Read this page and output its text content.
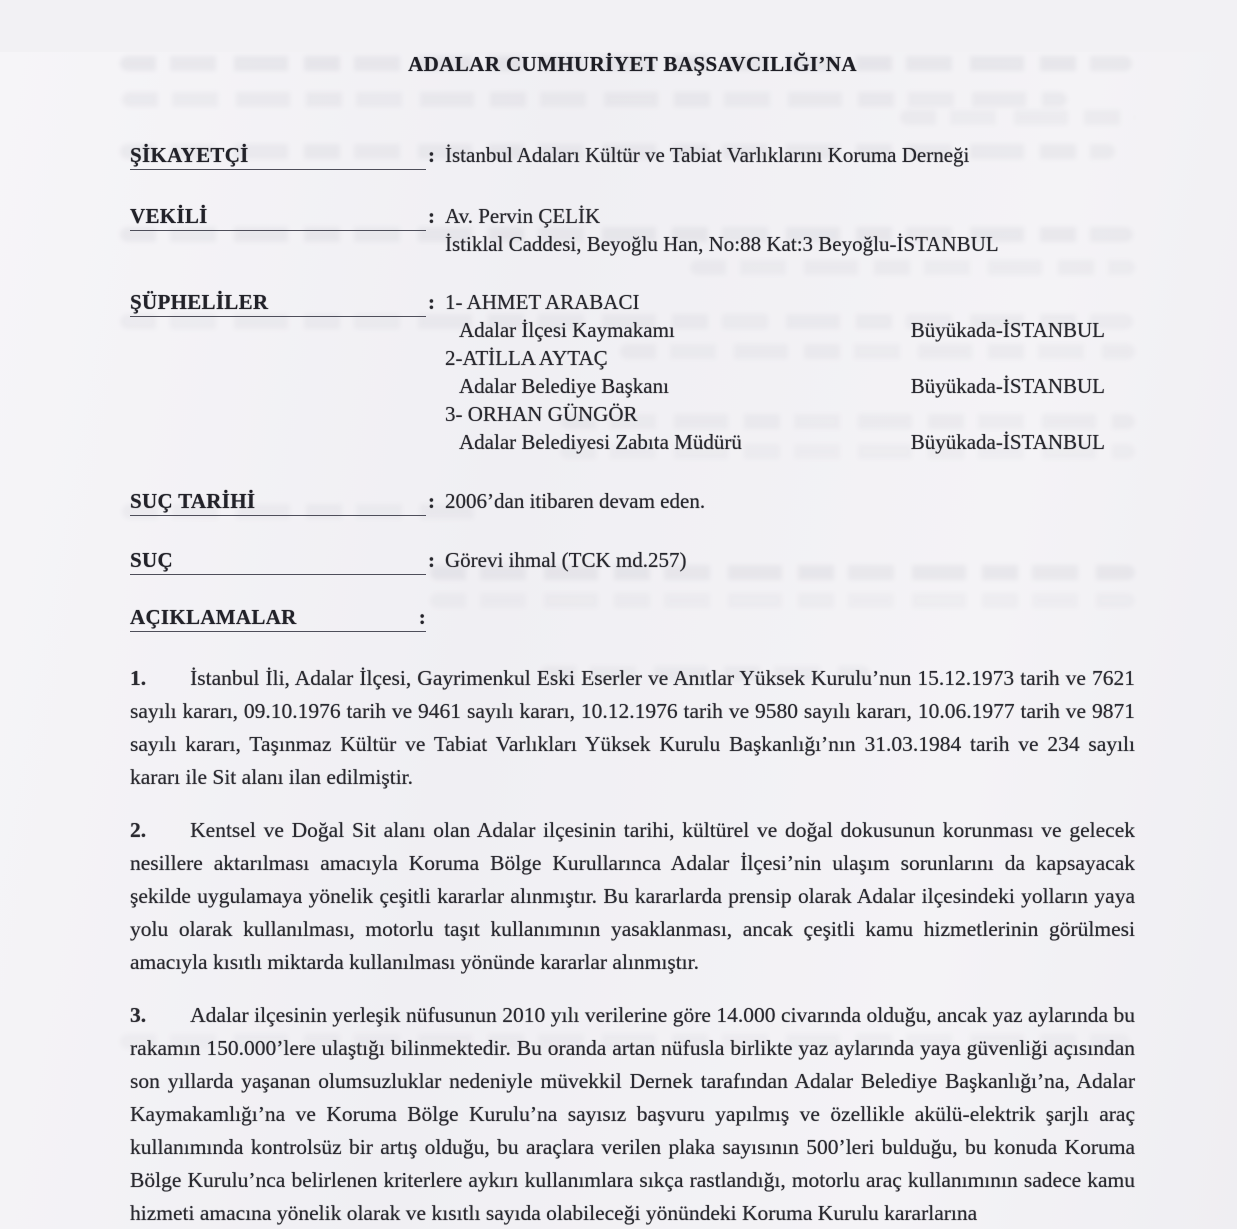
ADALAR CUMHURİYET BAŞSAVCILIĞI’NA
ŞİKAYETÇİ	: İstanbul Adaları Kültür ve Tabiat Varlıklarını Koruma Derneği
VEKİLİ	: Av. Pervin ÇELİK
İstiklal Caddesi, Beyoğlu Han, No:88 Kat:3 Beyoğlu-İSTANBUL
ŞÜPHELİLER	: 1- AHMET ARABACI
Adalar İlçesi Kaymakamı	Büyükada-İSTANBUL
2-ATİLLA AYTAÇ
Adalar Belediye Başkanı	Büyükada-İSTANBUL
3- ORHAN GÜNGÖR
Adalar Belediyesi Zabıta Müdürü	Büyükada-İSTANBUL
SUÇ TARİHİ	: 2006’dan itibaren devam eden.
SUÇ	: Görevi ihmal (TCK md.257)
AÇIKLAMALAR	:

1. İstanbul İli, Adalar İlçesi, Gayrimenkul Eski Eserler ve Anıtlar Yüksek Kurulu’nun 15.12.1973 tarih ve 7621 sayılı kararı, 09.10.1976 tarih ve 9461 sayılı kararı, 10.12.1976 tarih ve 9580 sayılı kararı, 10.06.1977 tarih ve 9871 sayılı kararı, Taşınmaz Kültür ve Tabiat Varlıkları Yüksek Kurulu Başkanlığı’nın 31.03.1984 tarih ve 234 sayılı kararı ile Sit alanı ilan edilmiştir.

2. Kentsel ve Doğal Sit alanı olan Adalar ilçesinin tarihi, kültürel ve doğal dokusunun korunması ve gelecek nesillere aktarılması amacıyla Koruma Bölge Kurullarınca Adalar İlçesi’nin ulaşım sorunlarını da kapsayacak şekilde uygulamaya yönelik çeşitli kararlar alınmıştır. Bu kararlarda prensip olarak Adalar ilçesindeki yolların yaya yolu olarak kullanılması, motorlu taşıt kullanımının yasaklanması, ancak çeşitli kamu hizmetlerinin görülmesi amacıyla kısıtlı miktarda kullanılması yönünde kararlar alınmıştır.

3. Adalar ilçesinin yerleşik nüfusunun 2010 yılı verilerine göre 14.000 civarında olduğu, ancak yaz aylarında bu rakamın 150.000’lere ulaştığı bilinmektedir. Bu oranda artan nüfusla birlikte yaz aylarında yaya güvenliği açısından son yıllarda yaşanan olumsuzluklar nedeniyle müvekkil Dernek tarafından Adalar Belediye Başkanlığı’na, Adalar Kaymakamlığı’na ve Koruma Bölge Kurulu’na sayısız başvuru yapılmış ve özellikle akülü-elektrik şarjlı araç kullanımında kontrolsüz bir artış olduğu, bu araçlara verilen plaka sayısının 500’leri bulduğu, bu konuda Koruma Bölge Kurulu’nca belirlenen kriterlere aykırı kullanımlara sıkça rastlandığı, motorlu araç kullanımının sadece kamu hizmeti amacına yönelik olarak ve kısıtlı sayıda olabileceği yönündeki Koruma Kurulu kararlarına
